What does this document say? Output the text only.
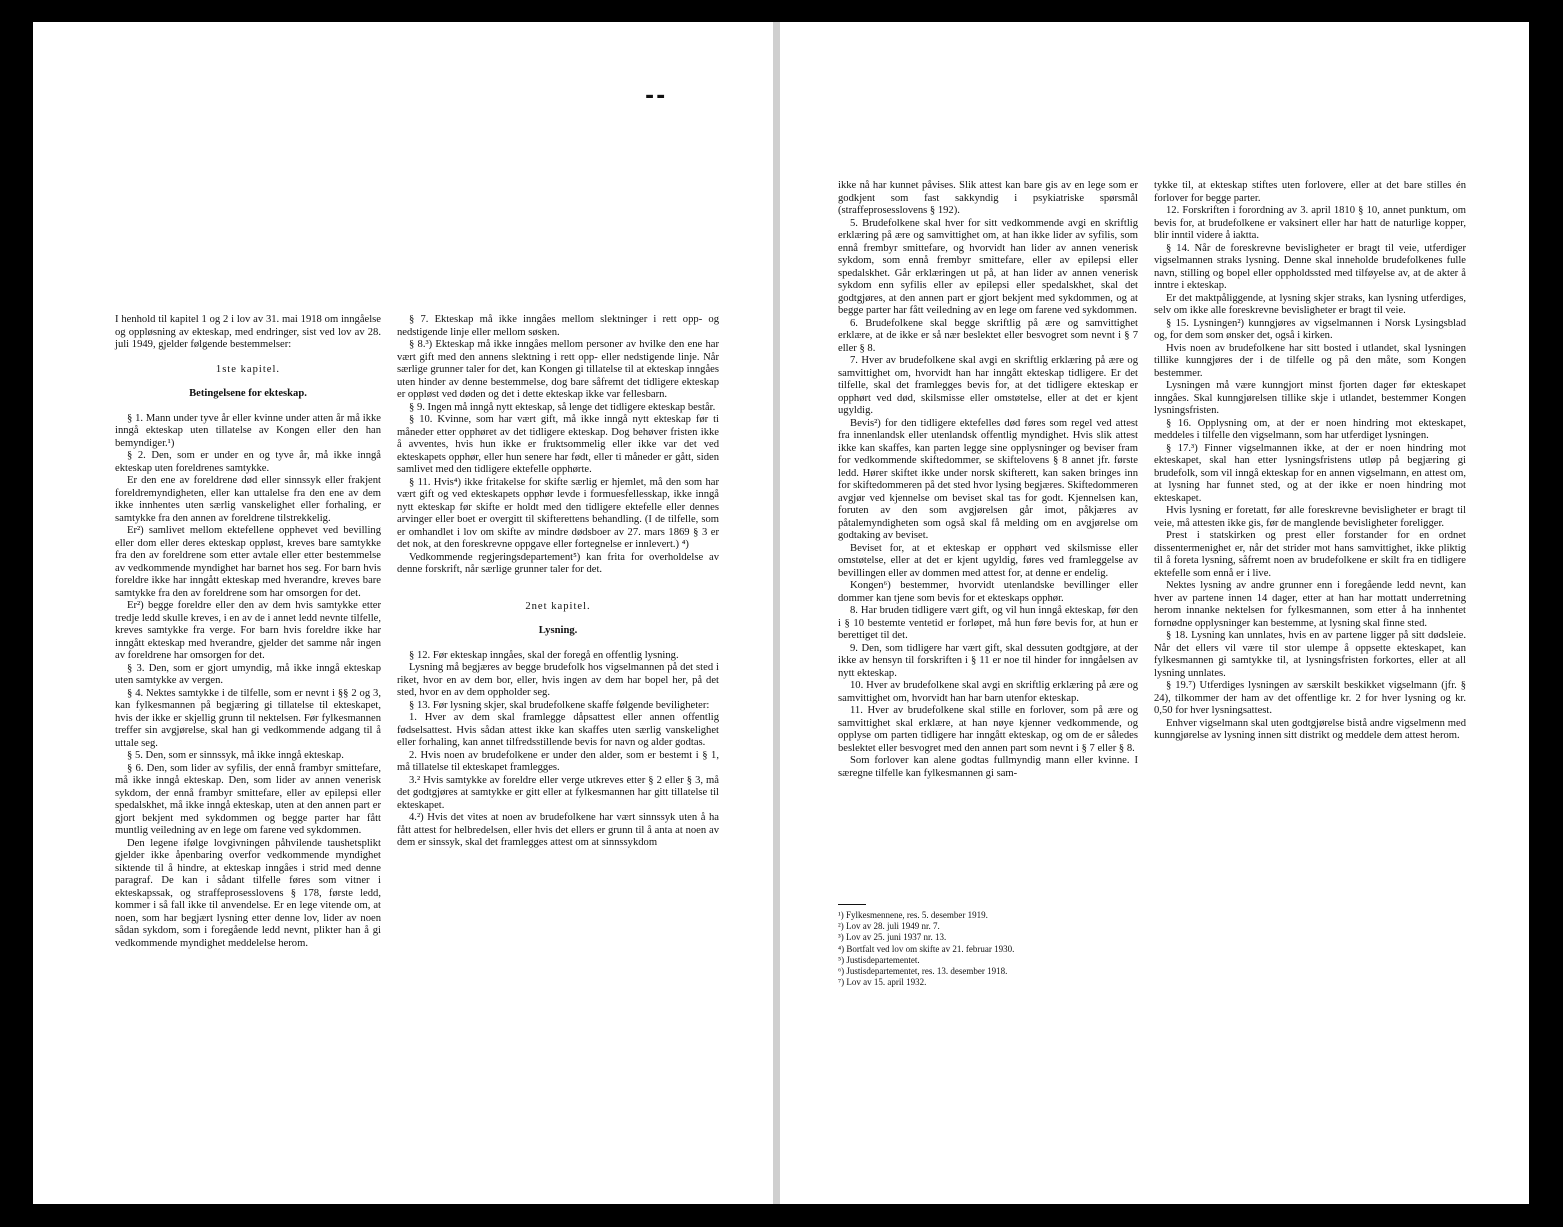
--

I henhold til kapitel 1 og 2 i lov av 31. mai 1918 om inngåelse og oppløsning av ekteskap, med endringer, sist ved lov av 28. juli 1949, gjelder følgende bestemmelser:

1ste kapitel.

Betingelsene for ekteskap.

§ 1. Mann under tyve år eller kvinne under atten år må ikke inngå ekteskap uten tillatelse av Kongen eller den han bemyndiger.¹)

§ 2. Den, som er under en og tyve år, må ikke inngå ekteskap uten foreldrenes samtykke.

Er den ene av foreldrene død eller sinnssyk eller frakjent foreldremyndigheten, eller kan uttalelse fra den ene av dem ikke innhentes uten særlig vanskelighet eller forhaling, er samtykke fra den annen av foreldrene tilstrekkelig.

Er²) samlivet mellom ektefellene opphevet ved bevilling eller dom eller deres ekteskap oppløst, kreves bare samtykke fra den av foreldrene som etter avtale eller etter bestemmelse av vedkommende myndighet har barnet hos seg. For barn hvis foreldre ikke har inngått ekteskap med hverandre, kreves bare samtykke fra den av foreldrene som har omsorgen for det.

Er²) begge foreldre eller den av dem hvis samtykke etter tredje ledd skulle kreves, i en av de i annet ledd nevnte tilfelle, kreves samtykke fra verge. For barn hvis foreldre ikke har inngått ekteskap med hverandre, gjelder det samme når ingen av foreldrene har omsorgen for det.

§ 3. Den, som er gjort umyndig, må ikke inngå ekteskap uten samtykke av vergen.

§ 4. Nektes samtykke i de tilfelle, som er nevnt i §§ 2 og 3, kan fylkesmannen på begjæring gi tillatelse til ekteskapet, hvis der ikke er skjellig grunn til nektelsen. Før fylkesmannen treffer sin avgjørelse, skal han gi vedkommende adgang til å uttale seg.

§ 5. Den, som er sinnssyk, må ikke inngå ekteskap.

§ 6. Den, som lider av syfilis, der ennå frambyr smittefare, må ikke inngå ekteskap. Den, som lider av annen venerisk sykdom, der ennå frambyr smittefare, eller av epilepsi eller spedalskhet, må ikke inngå ekteskap, uten at den annen part er gjort bekjent med sykdommen og begge parter har fått muntlig veiledning av en lege om farene ved sykdommen.

Den legene ifølge lovgivningen påhvilende taushetsplikt gjelder ikke åpenbaring overfor vedkommende myndighet siktende til å hindre, at ekteskap inngåes i strid med denne paragraf. De kan i sådant tilfelle føres som vitner i ekteskapssak, og straffeprosesslovens § 178, første ledd, kommer i så fall ikke til anvendelse. Er en lege vitende om, at noen, som har begjært lysning etter denne lov, lider av noen sådan sykdom, som i foregående ledd nevnt, plikter han å gi vedkommende myndighet meddelelse herom.

§ 7. Ekteskap må ikke inngåes mellom slektninger i rett opp- og nedstigende linje eller mellom søsken.

§ 8.³) Ekteskap må ikke inngåes mellom personer av hvilke den ene har vært gift med den annens slektning i rett opp- eller nedstigende linje. Når særlige grunner taler for det, kan Kongen gi tillatelse til at ekteskap inngåes uten hinder av denne bestemmelse, dog bare såfremt det tidligere ekteskap er oppløst ved døden og det i dette ekteskap ikke var fellesbarn.

§ 9. Ingen må inngå nytt ekteskap, så lenge det tidligere ekteskap består.

§ 10. Kvinne, som har vært gift, må ikke inngå nytt ekteskap før ti måneder etter opphøret av det tidligere ekteskap. Dog behøver fristen ikke å avventes, hvis hun ikke er fruktsommelig eller ikke var det ved ekteskapets opphør, eller hun senere har født, eller ti måneder er gått, siden samlivet med den tidligere ektefelle opphørte.

§ 11. Hvis⁴) ikke fritakelse for skifte særlig er hjemlet, må den som har vært gift og ved ekteskapets opphør levde i formuesfellesskap, ikke inngå nytt ekteskap før skifte er holdt med den tidligere ektefelle eller dennes arvinger eller boet er overgitt til skifterettens behandling. (I de tilfelle, som er omhandlet i lov om skifte av mindre dødsboer av 27. mars 1869 § 3 er det nok, at den foreskrevne oppgave eller fortegnelse er innlevert.) ⁴)

Vedkommende regjeringsdepartement⁵) kan frita for overholdelse av denne forskrift, når særlige grunner taler for det.

2net kapitel.

Lysning.

§ 12. Før ekteskap inngåes, skal der foregå en offentlig lysning.

Lysning må begjæres av begge brudefolk hos vigselmannen på det sted i riket, hvor en av dem bor, eller, hvis ingen av dem har bopel her, på det sted, hvor en av dem oppholder seg.

§ 13. Før lysning skjer, skal brudefolkene skaffe følgende beviligheter:

1. Hver av dem skal framlegge dåpsattest eller annen offentlig fødselsattest. Hvis sådan attest ikke kan skaffes uten særlig vanskelighet eller forhaling, kan annet tilfredsstillende bevis for navn og alder godtas.

2. Hvis noen av brudefolkene er under den alder, som er bestemt i § 1, må tillatelse til ekteskapet framlegges.

3.² Hvis samtykke av foreldre eller verge utkreves etter § 2 eller § 3, må det godtgjøres at samtykke er gitt eller at fylkesmannen har gitt tillatelse til ekteskapet.

4.²) Hvis det vites at noen av brudefolkene har vært sinnssyk uten å ha fått attest for helbredelsen, eller hvis det ellers er grunn til å anta at noen av dem er sinssyk, skal det framlegges attest om at sinnssykdom

ikke nå har kunnet påvises. Slik attest kan bare gis av en lege som er godkjent som fast sakkyndig i psykiatriske spørsmål (straffeprosesslovens § 192).

5. Brudefolkene skal hver for sitt vedkommende avgi en skriftlig erklæring på ære og samvittighet om, at han ikke lider av syfilis, som ennå frembyr smittefare, og hvorvidt han lider av annen venerisk sykdom, som ennå frembyr smittefare, eller av epilepsi eller spedalskhet. Går erklæringen ut på, at han lider av annen venerisk sykdom enn syfilis eller av epilepsi eller spedalskhet, skal det godtgjøres, at den annen part er gjort bekjent med sykdommen, og at begge parter har fått veiledning av en lege om farene ved sykdommen.

6. Brudefolkene skal begge skriftlig på ære og samvittighet erklære, at de ikke er så nær beslektet eller besvogret som nevnt i § 7 eller § 8.

7. Hver av brudefolkene skal avgi en skriftlig erklæring på ære og samvittighet om, hvorvidt han har inngått ekteskap tidligere. Er det tilfelle, skal det framlegges bevis for, at det tidligere ekteskap er opphørt ved død, skilsmisse eller omstøtelse, eller at det er kjent ugyldig.

Bevis²) for den tidligere ektefelles død føres som regel ved attest fra innenlandsk eller utenlandsk offentlig myndighet. Hvis slik attest ikke kan skaffes, kan parten legge sine opplysninger og beviser fram for vedkommende skiftedommer, se skiftelovens § 8 annet jfr. første ledd. Hører skiftet ikke under norsk skifterett, kan saken bringes inn for skiftedommeren på det sted hvor lysing begjæres. Skiftedommeren avgjør ved kjennelse om beviset skal tas for godt. Kjennelsen kan, foruten av den som avgjørelsen går imot, påkjæres av påtalemyndigheten som også skal få melding om en avgjørelse om godtaking av beviset.

Beviset for, at et ekteskap er opphørt ved skilsmisse eller omstøtelse, eller at det er kjent ugyldig, føres ved framleggelse av bevillingen eller av dommen med attest for, at denne er endelig.

Kongen⁶) bestemmer, hvorvidt utenlandske bevillinger eller dommer kan tjene som bevis for et ekteskaps opphør.

8. Har bruden tidligere vært gift, og vil hun inngå ekteskap, før den i § 10 bestemte ventetid er forløpet, må hun føre bevis for, at hun er berettiget til det.

9. Den, som tidligere har vært gift, skal dessuten godtgjøre, at der ikke av hensyn til forskriften i § 11 er noe til hinder for inngåelsen av nytt ekteskap.

10. Hver av brudefolkene skal avgi en skriftlig erklæring på ære og samvittighet om, hvorvidt han har barn utenfor ekteskap.

11. Hver av brudefolkene skal stille en forlover, som på ære og samvittighet skal erklære, at han nøye kjenner vedkommende, og opplyse om parten tidligere har inngått ekteskap, og om de er således beslektet eller besvogret med den annen part som nevnt i § 7 eller § 8.

Som forlover kan alene godtas fullmyndig mann eller kvinne. I særegne tilfelle kan fylkesmannen gi sam-

tykke til, at ekteskap stiftes uten forlovere, eller at det bare stilles én forlover for begge parter.

12. Forskriften i forordning av 3. april 1810 § 10, annet punktum, om bevis for, at brudefolkene er vaksinert eller har hatt de naturlige kopper, blir inntil videre å iaktta.

§ 14. Når de foreskrevne bevisligheter er bragt til veie, utferdiger vigselmannen straks lysning. Denne skal inneholde brudefolkenes fulle navn, stilling og bopel eller oppholdssted med tilføyelse av, at de akter å inntre i ekteskap.

Er det maktpåliggende, at lysning skjer straks, kan lysning utferdiges, selv om ikke alle foreskrevne bevisligheter er bragt til veie.

§ 15. Lysningen²) kunngjøres av vigselmannen i Norsk Lysingsblad og, for dem som ønsker det, også i kirken.

Hvis noen av brudefolkene har sitt bosted i utlandet, skal lysningen tillike kunngjøres der i de tilfelle og på den måte, som Kongen bestemmer.

Lysningen må være kunngjort minst fjorten dager før ekteskapet inngåes. Skal kunngjørelsen tillike skje i utlandet, bestemmer Kongen lysningsfristen.

§ 16. Opplysning om, at der er noen hindring mot ekteskapet, meddeles i tilfelle den vigselmann, som har utferdiget lysningen.

§ 17.³) Finner vigselmannen ikke, at der er noen hindring mot ekteskapet, skal han etter lysningsfristens utløp på begjæring gi brudefolk, som vil inngå ekteskap for en annen vigselmann, en attest om, at lysning har funnet sted, og at der ikke er noen hindring mot ekteskapet.

Hvis lysning er foretatt, før alle foreskrevne bevisligheter er bragt til veie, må attesten ikke gis, før de manglende bevisligheter foreligger.

Prest i statskirken og prest eller forstander for en ordnet dissentermenighet er, når det strider mot hans samvittighet, ikke pliktig til å foreta lysning, såfremt noen av brudefolkene er skilt fra en tidligere ektefelle som ennå er i live.

Nektes lysning av andre grunner enn i foregående ledd nevnt, kan hver av partene innen 14 dager, etter at han har mottatt underretning herom innanke nektelsen for fylkesmannen, som etter å ha innhentet fornødne opplysninger kan bestemme, at lysning skal finne sted.

§ 18. Lysning kan unnlates, hvis en av partene ligger på sitt dødsleie. Når det ellers vil være til stor ulempe å oppsette ekteskapet, kan fylkesmannen gi samtykke til, at lysningsfristen forkortes, eller at all lysning unnlates.

§ 19.⁷) Utferdiges lysningen av særskilt beskikket vigselmann (jfr. § 24), tilkommer der ham av det offentlige kr. 2 for hver lysning og kr. 0,50 for hver lysningsattest.

Enhver vigselmann skal uten godtgjørelse bistå andre vigselmenn med kunngjørelse av lysning innen sitt distrikt og meddele dem attest herom.

¹) Fylkesmennene, res. 5. desember 1919.
²) Lov av 28. juli 1949 nr. 7.
³) Lov av 25. juni 1937 nr. 13.
⁴) Bortfalt ved lov om skifte av 21. februar 1930.
⁵) Justisdepartementet.
⁶) Justisdepartementet, res. 13. desember 1918.
⁷) Lov av 15. april 1932.
